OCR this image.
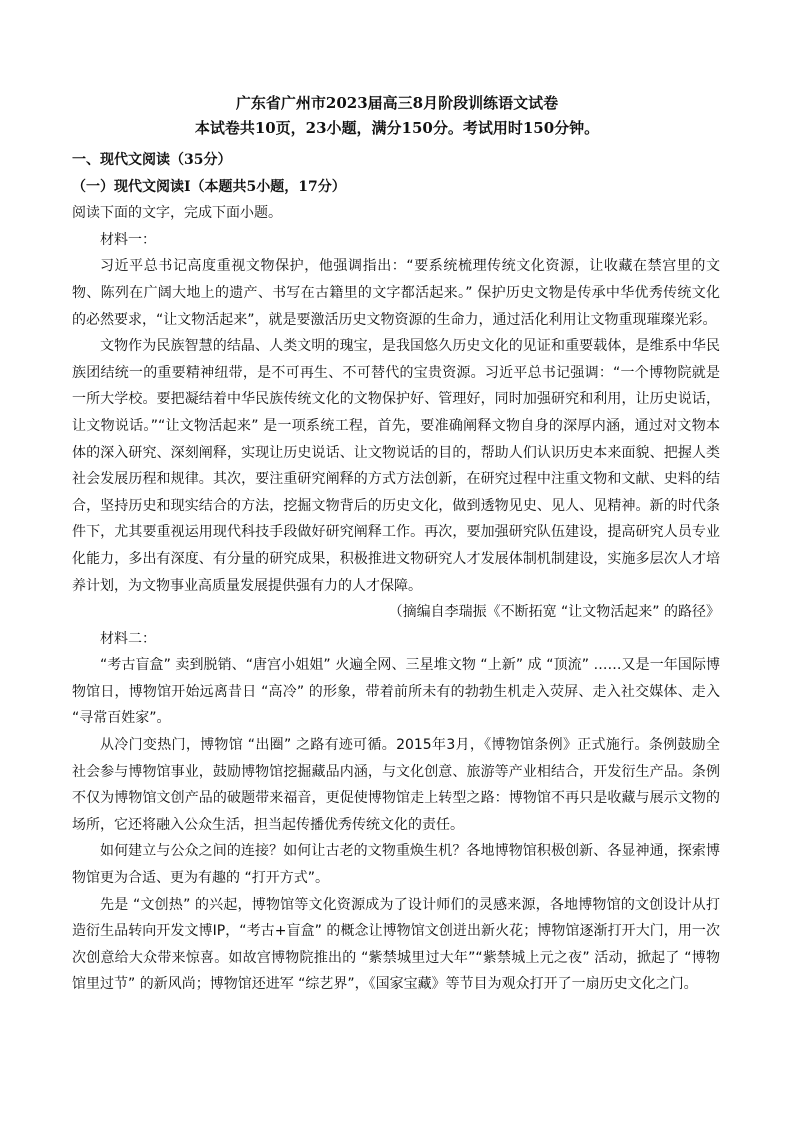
广东省广州市2023届高三8月阶段训练语文试卷
本试卷共10页，23小题，满分150分。考试用时150分钟。

一、现代文阅读（35分）

（一）现代文阅读Ⅰ（本题共5小题，17分）

阅读下面的文字，完成下面小题。

材料一：

习近平总书记高度重视文物保护，他强调指出：“要系统梳理传统文化资源，让收藏在禁宫里的文物、陈列在广阔大地上的遗产、书写在古籍里的文字都活起来。” 保护历史文物是传承中华优秀传统文化的必然要求，“让文物活起来”，就是要激活历史文物资源的生命力，通过活化利用让文物重现璀璨光彩。

文物作为民族智慧的结晶、人类文明的瑰宝，是我国悠久历史文化的见证和重要载体，是维系中华民族团结统一的重要精神纽带，是不可再生、不可替代的宝贵资源。习近平总书记强调：“一个博物院就是一所大学校。要把凝结着中华民族传统文化的文物保护好、管理好，同时加强研究和利用，让历史说话，让文物说话。”“让文物活起来” 是一项系统工程，首先，要准确阐释文物自身的深厚内涵，通过对文物本体的深入研究、深刻阐释，实现让历史说话、让文物说话的目的，帮助人们认识历史本来面貌、把握人类社会发展历程和规律。其次，要注重研究阐释的方式方法创新，在研究过程中注重文物和文献、史料的结合，坚持历史和现实结合的方法，挖掘文物背后的历史文化，做到透物见史、见人、见精神。新的时代条件下，尤其要重视运用现代科技手段做好研究阐释工作。再次，要加强研究队伍建设，提高研究人员专业化能力，多出有深度、有分量的研究成果，积极推进文物研究人才发展体制机制建设，实施多层次人才培养计划，为文物事业高质量发展提供强有力的人才保障。

（摘编自李瑞振《不断拓宽 “让文物活起来” 的路径》

材料二：

“考古盲盒” 卖到脱销、“唐宫小姐姐” 火遍全网、三星堆文物 “上新” 成 “顶流” ……又是一年国际博物馆日，博物馆开始远离昔日 “高冷” 的形象，带着前所未有的勃勃生机走入荧屏、走入社交媒体、走入 “寻常百姓家”。

从冷门变热门，博物馆 “出圈” 之路有迹可循。2015年3月，《博物馆条例》正式施行。条例鼓励全社会参与博物馆事业，鼓励博物馆挖掘藏品内涵，与文化创意、旅游等产业相结合，开发衍生产品。条例不仅为博物馆文创产品的破题带来福音，更促使博物馆走上转型之路：博物馆不再只是收藏与展示文物的场所，它还将融入公众生活，担当起传播优秀传统文化的责任。

如何建立与公众之间的连接？如何让古老的文物重焕生机？各地博物馆积极创新、各显神通，探索博物馆更为合适、更为有趣的 “打开方式”。

先是 “文创热” 的兴起，博物馆等文化资源成为了设计师们的灵感来源，各地博物馆的文创设计从打造衍生品转向开发文博IP，“考古+盲盒” 的概念让博物馆文创迸出新火花；博物馆逐渐打开大门，用一次次创意给大众带来惊喜。如故宫博物院推出的 “紫禁城里过大年”“紫禁城上元之夜” 活动，掀起了 “博物馆里过节” 的新风尚；博物馆还进军 “综艺界”，《国家宝藏》等节目为观众打开了一扇历史文化之门。
